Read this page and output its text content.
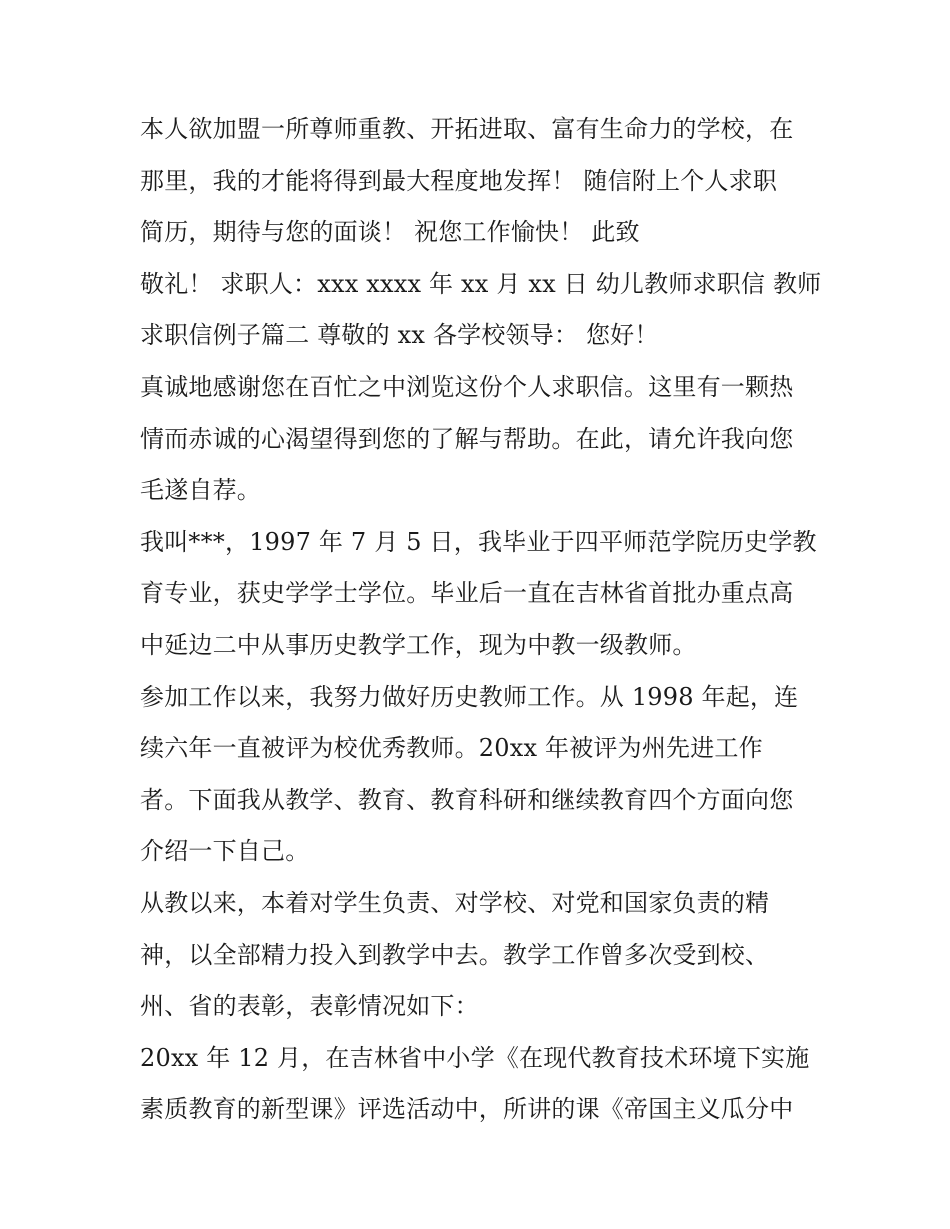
本人欲加盟一所尊师重教、开拓进取、富有生命力的学校，在
那里，我的才能将得到最大程度地发挥！ 随信附上个人求职
简历，期待与您的面谈！ 祝您工作愉快！ 此致
敬礼！ 求职人：xxx xxxx 年 xx 月 xx 日 幼儿教师求职信 教师
求职信例子篇二 尊敬的 xx 各学校领导： 您好！
真诚地感谢您在百忙之中浏览这份个人求职信。这里有一颗热
情而赤诚的心渴望得到您的了解与帮助。在此，请允许我向您
毛遂自荐。
我叫***，1997 年 7 月 5 日，我毕业于四平师范学院历史学教
育专业，获史学学士学位。毕业后一直在吉林省首批办重点高
中延边二中从事历史教学工作，现为中教一级教师。
参加工作以来，我努力做好历史教师工作。从 1998 年起，连
续六年一直被评为校优秀教师。20xx 年被评为州先进工作
者。下面我从教学、教育、教育科研和继续教育四个方面向您
介绍一下自己。
从教以来，本着对学生负责、对学校、对党和国家负责的精
神，以全部精力投入到教学中去。教学工作曾多次受到校、
州、省的表彰，表彰情况如下：
20xx 年 12 月，在吉林省中小学《在现代教育技术环境下实施
素质教育的新型课》评选活动中，所讲的课《帝国主义瓜分中
